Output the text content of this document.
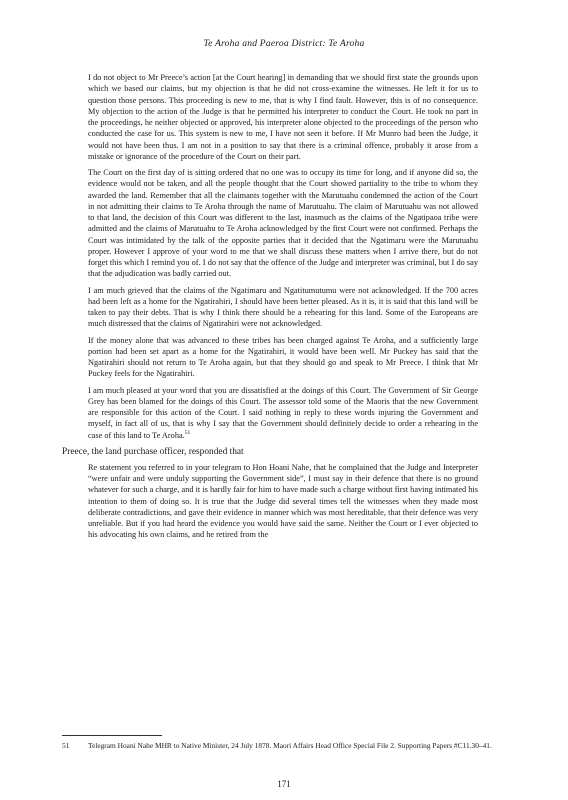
Te Aroha and Paeroa District: Te Aroha

I do not object to Mr Preece’s action [at the Court hearing] in demanding that we should first state the grounds upon which we based our claims, but my objection is that he did not cross-examine the witnesses. He left it for us to question those persons. This proceeding is new to me, that is why I find fault. However, this is of no consequence. My objection to the action of the Judge is that he permitted his interpreter to conduct the Court. He took no part in the proceedings, he neither objected or approved, his interpreter alone objected to the proceedings of the person who conducted the case for us. This system is new to me, I have not seen it before. If Mr Munro had been the Judge, it would not have been thus. I am not in a position to say that there is a criminal offence, probably it arose from a mistake or ignorance of the procedure of the Court on their part.

The Court on the first day of is sitting ordered that no one was to occupy its time for long, and if anyone did so, the evidence would not be taken, and all the people thought that the Court showed partiality to the tribe to whom they awarded the land. Remember that all the claimants together with the Marutuahu condemned the action of the Court in not admitting their claims to Te Aroha through the name of Marutuahu. The claim of Marutuahu was not allowed to that land, the decision of this Court was different to the last, inasmuch as the claims of the Ngatipaoa tribe were admitted and the claims of Marutuahu to Te Aroha acknowledged by the first Court were not confirmed. Perhaps the Court was intimidated by the talk of the opposite parties that it decided that the Ngatimaru were the Marutuahu proper. However I approve of your word to me that we shall discuss these matters when I arrive there, but do not forget this which I remind you of. I do not say that the offence of the Judge and interpreter was criminal, but I do say that the adjudication was badly carried out.

I am much grieved that the claims of the Ngatimaru and Ngatitumutumu were not acknowledged. If the 700 acres had been left as a home for the Ngatirahiri, I should have been better pleased. As it is, it is said that this land will be taken to pay their debts. That is why I think there should be a rehearing for this land. Some of the Europeans are much distressed that the claims of Ngatirahiri were not acknowledged.

If the money alone that was advanced to these tribes has been charged against Te Aroha, and a sufficiently large portion had been set apart as a home for the Ngatirahiri, it would have been well. Mr Puckey has said that the Ngatirahiri should not return to Te Aroha again, but that they should go and speak to Mr Preece. I think that Mr Puckey feels for the Ngatirahiri.

I am much pleased at your word that you are dissatisfied at the doings of this Court. The Government of Sir George Grey has been blamed for the doings of this Court. The assessor told some of the Maoris that the new Government are responsible for this action of the Court. I said nothing in reply to these words injuring the Government and myself, in fact all of us, that is why I say that the Government should definitely decide to order a rehearing in the case of this land to Te Aroha.$^{51}$

Preece, the land purchase officer, responded that

Re statement you referred to in your telegram to Hon Hoani Nahe, that he complained that the Judge and Interpreter “were unfair and were unduly supporting the Government side”, I must say in their defence that there is no ground whatever for such a charge, and it is hardly fair for him to have made such a charge without first having intimated his intention to them of doing so. It is true that the Judge did several times tell the witnesses when they made most deliberate contradictions, and gave their evidence in manner which was most hereditable, that their defence was very unreliable. But if you had heard the evidence you would have said the same. Neither the Court or I ever objected to his advocating his own claims, and he retired from the

51	Telegram Hoani Nahe MHR to Native Minister, 24 July 1878. Maori Affairs Head Office Special File 2. Supporting Papers #C11.30–41.
171
